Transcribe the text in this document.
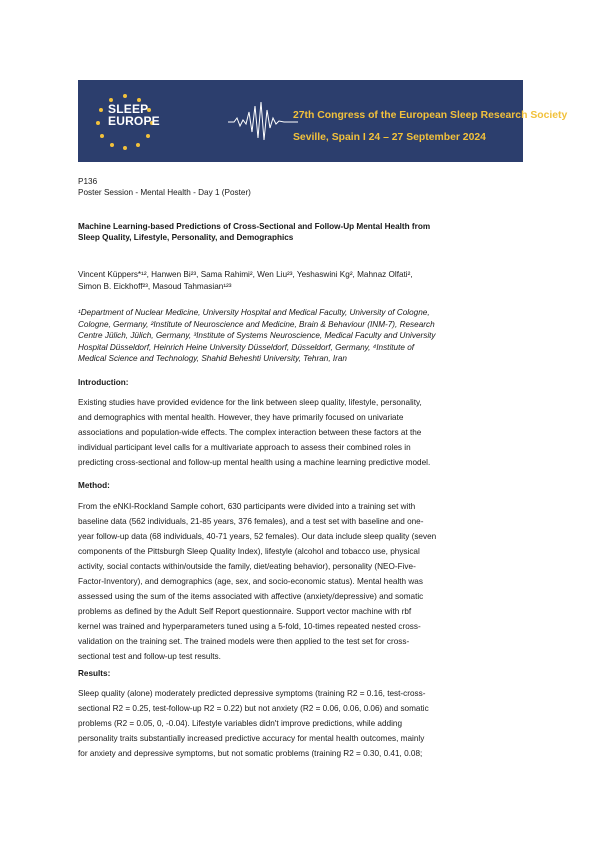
SLEEP
EUROPE	27th Congress of the European Sleep Research Society
Seville, Spain I 24 – 27 September 2024
P136
Poster Session - Mental Health - Day 1 (Poster)
Machine Learning-based Predictions of Cross-Sectional and Follow-Up Mental Health from
Sleep Quality, Lifestyle, Personality, and Demographics
Vincent Küppers*¹², Hanwen Bi²³, Sama Rahimi², Wen Liu²³, Yeshaswini Kg², Mahnaz Olfati²,
Simon B. Eickhoff²³, Masoud Tahmasian¹²³
¹Department of Nuclear Medicine, University Hospital and Medical Faculty, University of Cologne,
Cologne, Germany, ²Institute of Neuroscience and Medicine, Brain & Behaviour (INM-7), Research
Centre Jülich, Jülich, Germany, ³Institute of Systems Neuroscience, Medical Faculty and University
Hospital Düsseldorf, Heinrich Heine University Düsseldorf, Düsseldorf, Germany, ⁴Institute of
Medical Science and Technology, Shahid Beheshti University, Tehran, Iran
Introduction:
Existing studies have provided evidence for the link between sleep quality, lifestyle, personality,
and demographics with mental health. However, they have primarily focused on univariate
associations and population-wide effects. The complex interaction between these factors at the
individual participant level calls for a multivariate approach to assess their combined roles in
predicting cross-sectional and follow-up mental health using a machine learning predictive model.
Method:
From the eNKI-Rockland Sample cohort, 630 participants were divided into a training set with
baseline data (562 individuals, 21-85 years, 376 females), and a test set with baseline and one-
year follow-up data (68 individuals, 40-71 years, 52 females). Our data include sleep quality (seven
components of the Pittsburgh Sleep Quality Index), lifestyle (alcohol and tobacco use, physical
activity, social contacts within/outside the family, diet/eating behavior), personality (NEO-Five-
Factor-Inventory), and demographics (age, sex, and socio-economic status). Mental health was
assessed using the sum of the items associated with affective (anxiety/depressive) and somatic
problems as defined by the Adult Self Report questionnaire. Support vector machine with rbf
kernel was trained and hyperparameters tuned using a 5-fold, 10-times repeated nested cross-
validation on the training set. The trained models were then applied to the test set for cross-
sectional test and follow-up test results.
Results:
Sleep quality (alone) moderately predicted depressive symptoms (training R2 = 0.16, test-cross-
sectional R2 = 0.25, test-follow-up R2 = 0.22) but not anxiety (R2 = 0.06, 0.06, 0.06) and somatic
problems (R2 = 0.05, 0, -0.04). Lifestyle variables didn't improve predictions, while adding
personality traits substantially increased predictive accuracy for mental health outcomes, mainly
for anxiety and depressive symptoms, but not somatic problems (training R2 = 0.30, 0.41, 0.08;
